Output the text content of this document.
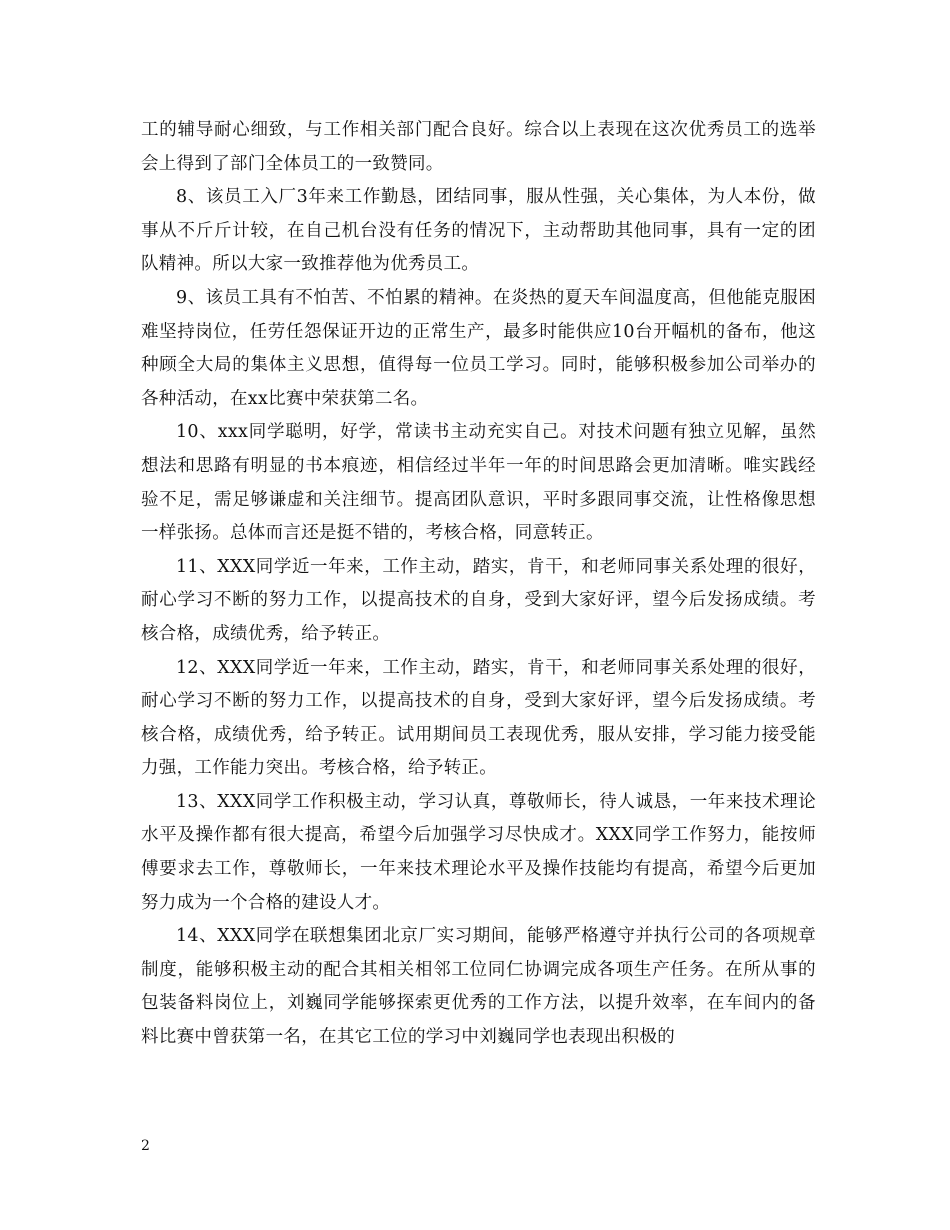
工的辅导耐心细致，与工作相关部门配合良好。综合以上表现在这次优秀员工的选举会上得到了部门全体员工的一致赞同。

8、该员工入厂3年来工作勤恳，团结同事，服从性强，关心集体，为人本份，做事从不斤斤计较，在自己机台没有任务的情况下，主动帮助其他同事，具有一定的团队精神。所以大家一致推荐他为优秀员工。

9、该员工具有不怕苦、不怕累的精神。在炎热的夏天车间温度高，但他能克服困难坚持岗位，任劳任怨保证开边的正常生产，最多时能供应10台开幅机的备布，他这种顾全大局的集体主义思想，值得每一位员工学习。同时，能够积极参加公司举办的各种活动，在xx比赛中荣获第二名。

10、xxx同学聪明，好学，常读书主动充实自己。对技术问题有独立见解，虽然想法和思路有明显的书本痕迹，相信经过半年一年的时间思路会更加清晰。唯实践经验不足，需足够谦虚和关注细节。提高团队意识，平时多跟同事交流，让性格像思想一样张扬。总体而言还是挺不错的，考核合格，同意转正。

11、XXX同学近一年来，工作主动，踏实，肯干，和老师同事关系处理的很好，耐心学习不断的努力工作，以提高技术的自身，受到大家好评，望今后发扬成绩。考核合格，成绩优秀，给予转正。

12、XXX同学近一年来，工作主动，踏实，肯干，和老师同事关系处理的很好，耐心学习不断的努力工作，以提高技术的自身，受到大家好评，望今后发扬成绩。考核合格，成绩优秀，给予转正。试用期间员工表现优秀，服从安排，学习能力接受能力强，工作能力突出。考核合格，给予转正。

13、XXX同学工作积极主动，学习认真，尊敬师长，待人诚恳，一年来技术理论水平及操作都有很大提高，希望今后加强学习尽快成才。XXX同学工作努力，能按师傅要求去工作，尊敬师长，一年来技术理论水平及操作技能均有提高，希望今后更加努力成为一个合格的建设人才。

14、XXX同学在联想集团北京厂实习期间，能够严格遵守并执行公司的各项规章制度，能够积极主动的配合其相关相邻工位同仁协调完成各项生产任务。在所从事的包装备料岗位上，刘巍同学能够探索更优秀的工作方法，以提升效率，在车间内的备料比赛中曾获第一名，在其它工位的学习中刘巍同学也表现出积极的

2
